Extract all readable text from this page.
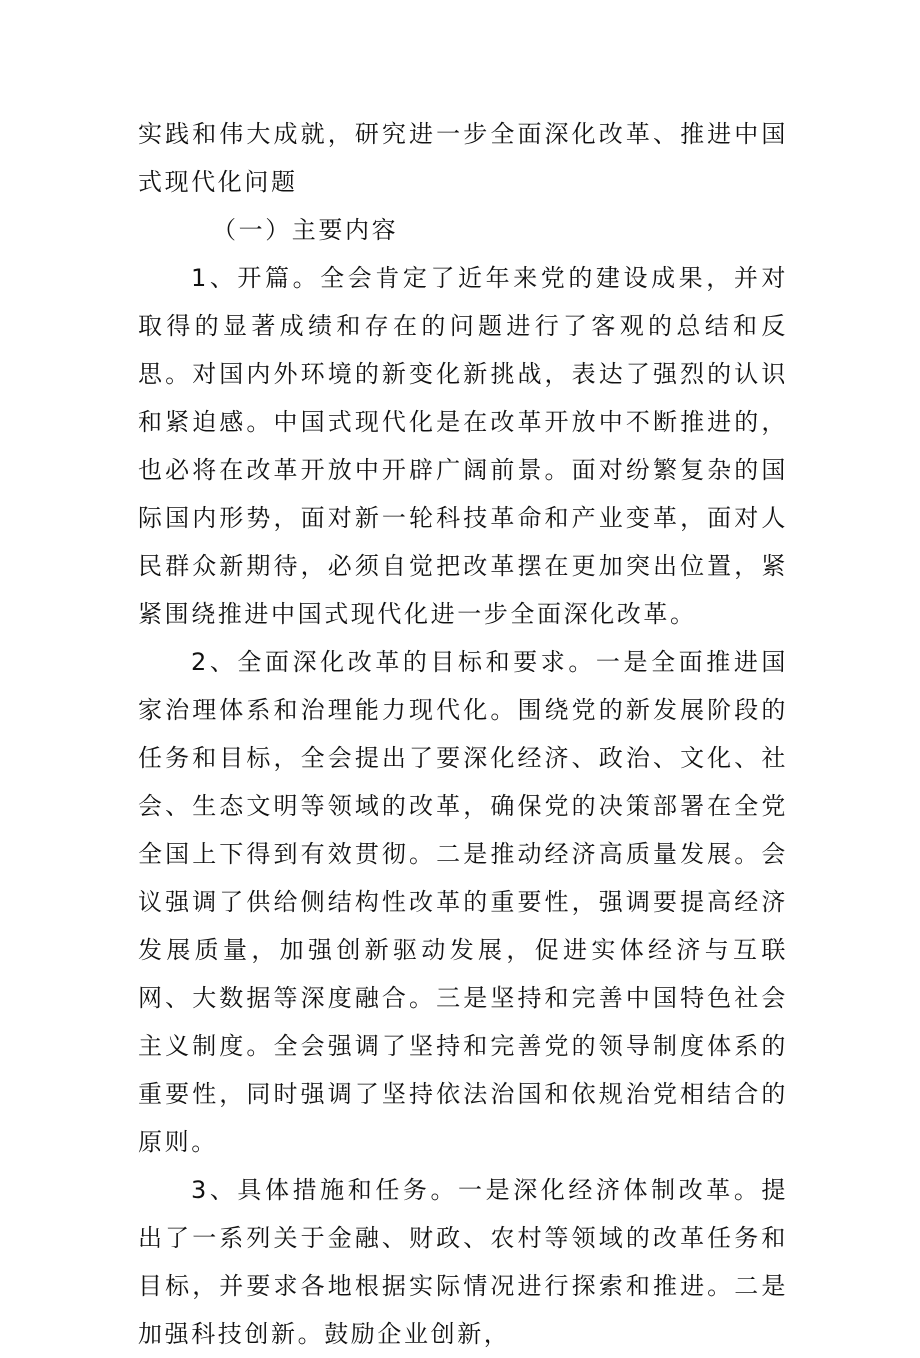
实践和伟大成就，研究进一步全面深化改革、推进中国式现代化问题

（一）主要内容

1、开篇。全会肯定了近年来党的建设成果，并对取得的显著成绩和存在的问题进行了客观的总结和反思。对国内外环境的新变化新挑战，表达了强烈的认识和紧迫感。中国式现代化是在改革开放中不断推进的，也必将在改革开放中开辟广阔前景。面对纷繁复杂的国际国内形势，面对新一轮科技革命和产业变革，面对人民群众新期待，必须自觉把改革摆在更加突出位置，紧紧围绕推进中国式现代化进一步全面深化改革。

2、全面深化改革的目标和要求。一是全面推进国家治理体系和治理能力现代化。围绕党的新发展阶段的任务和目标，全会提出了要深化经济、政治、文化、社会、生态文明等领域的改革，确保党的决策部署在全党全国上下得到有效贯彻。二是推动经济高质量发展。会议强调了供给侧结构性改革的重要性，强调要提高经济发展质量，加强创新驱动发展，促进实体经济与互联网、大数据等深度融合。三是坚持和完善中国特色社会主义制度。全会强调了坚持和完善党的领导制度体系的重要性，同时强调了坚持依法治国和依规治党相结合的原则。

3、具体措施和任务。一是深化经济体制改革。提出了一系列关于金融、财政、农村等领域的改革任务和目标，并要求各地根据实际情况进行探索和推进。二是加强科技创新。鼓励企业创新，
